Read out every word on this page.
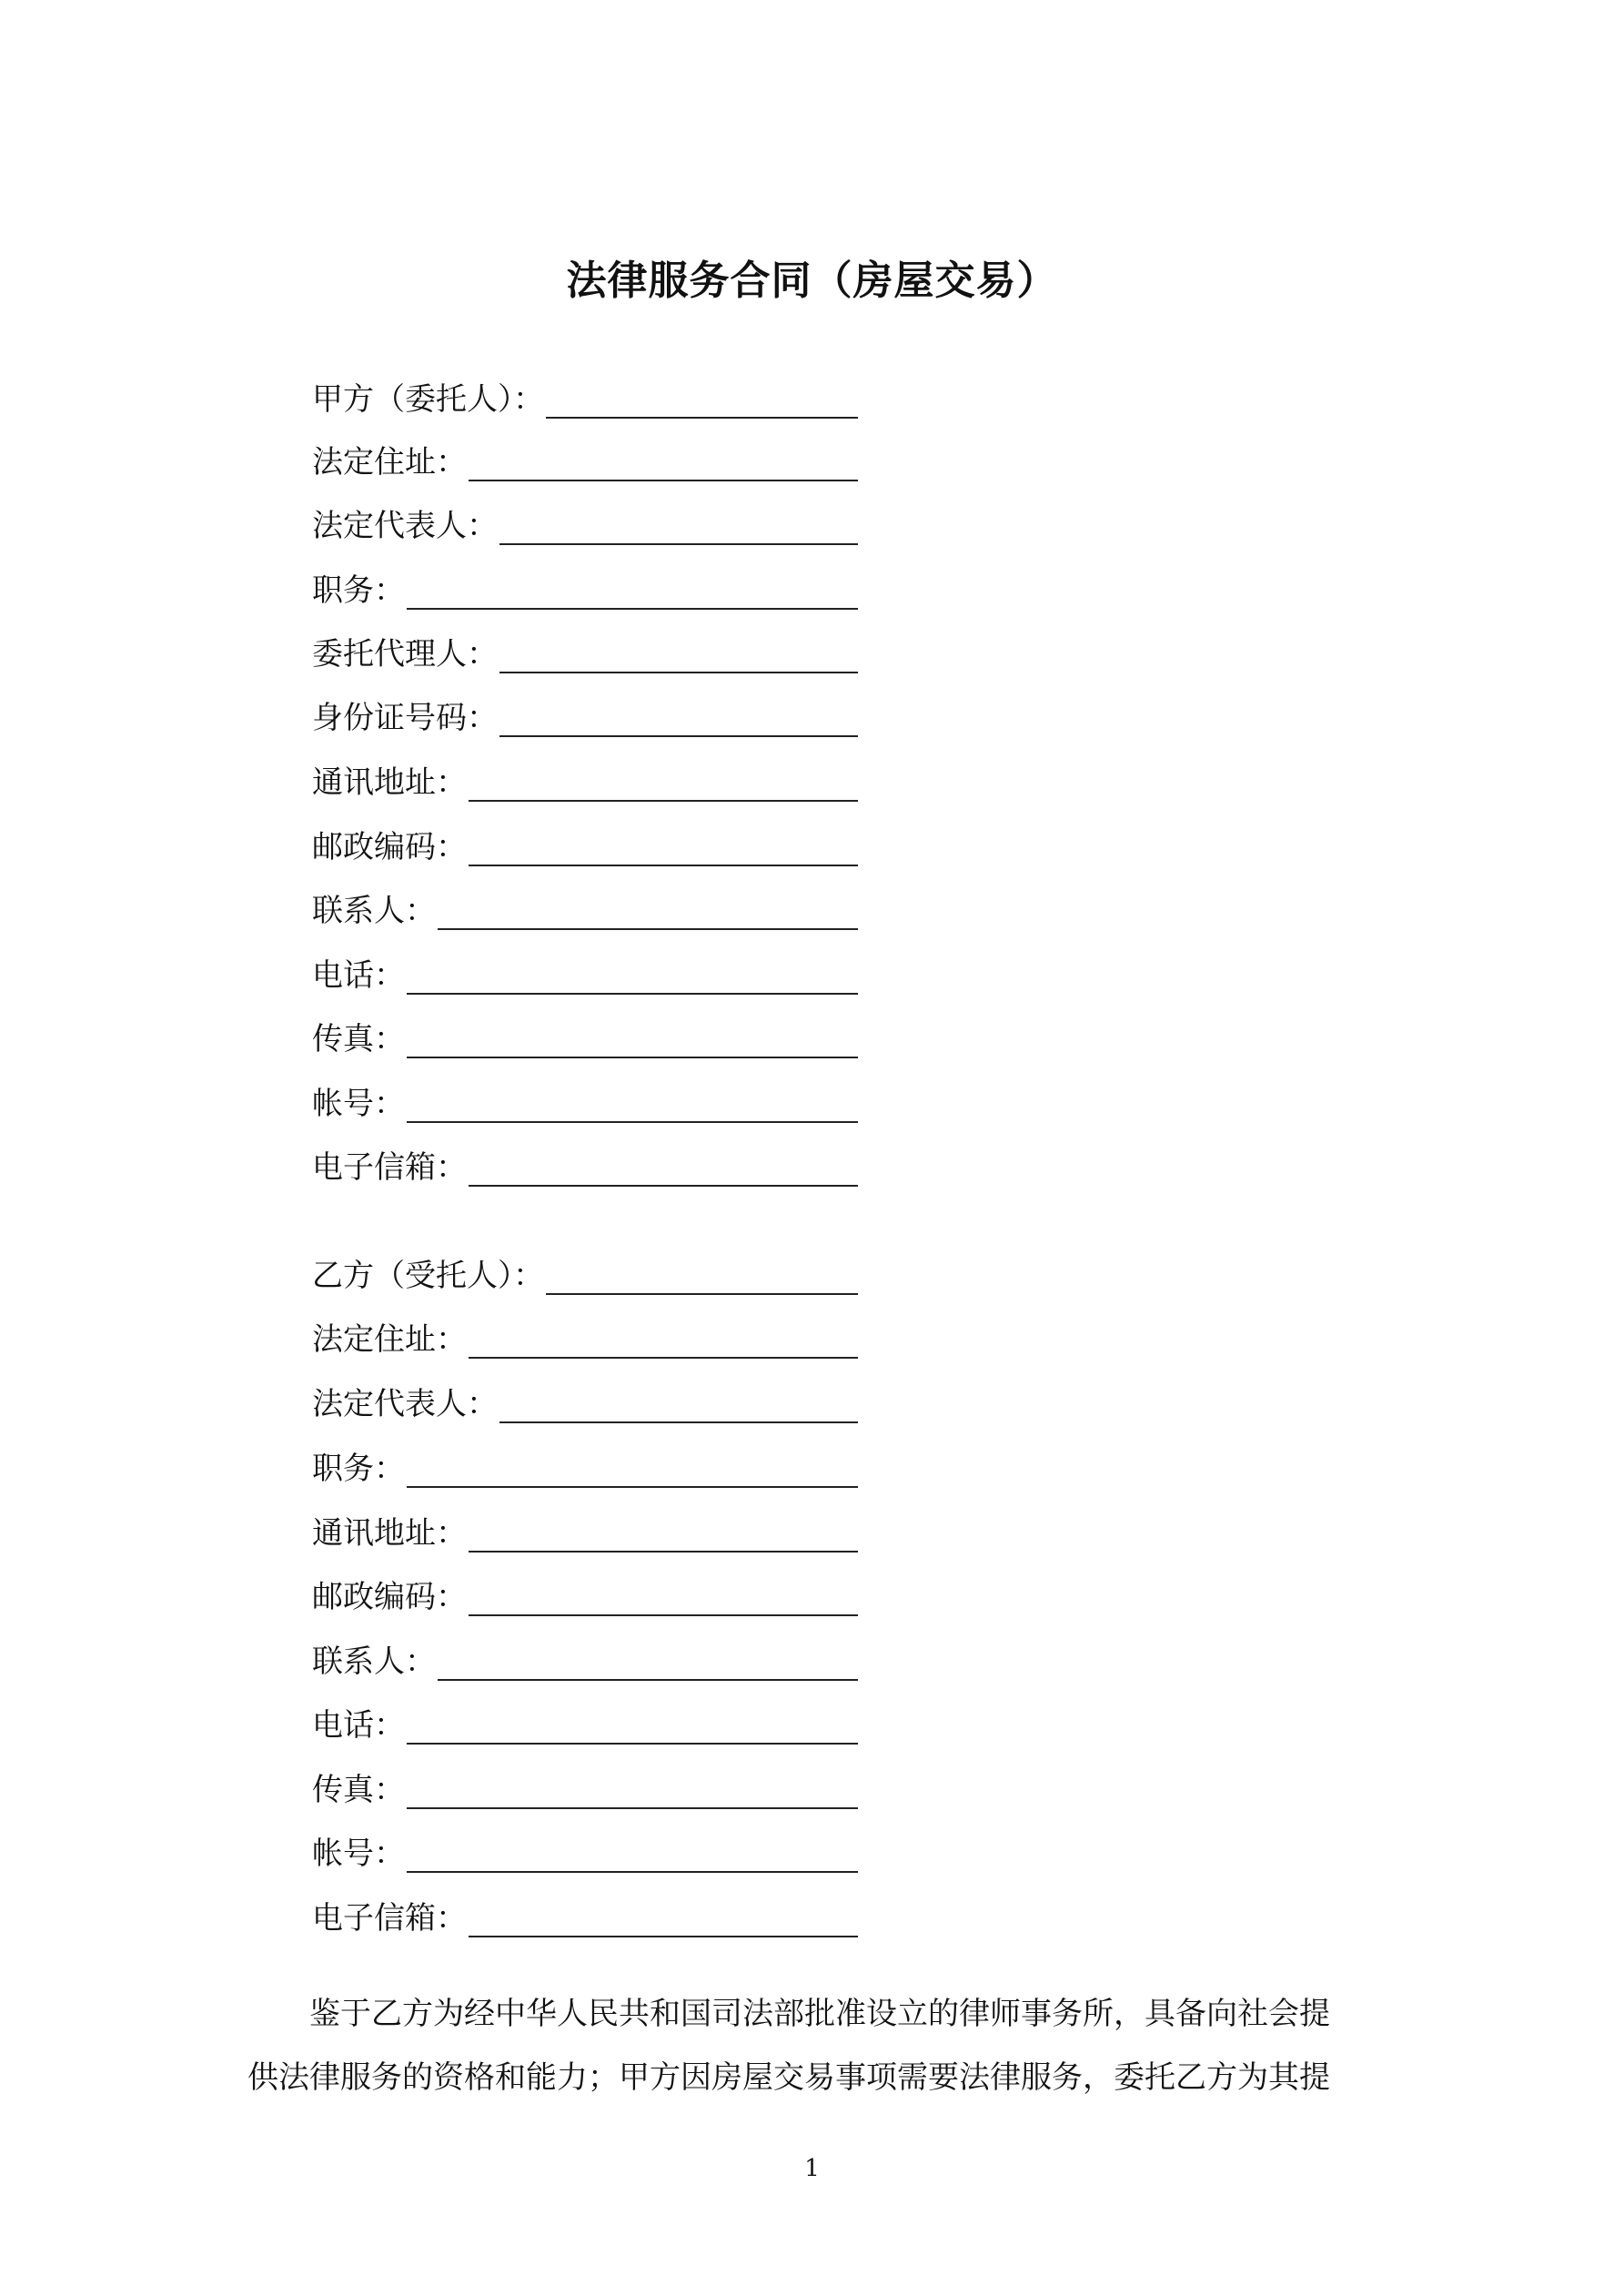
法律服务合同（房屋交易）
甲方（委托人）：
法定住址：
法定代表人：
职务：
委托代理人：
身份证号码：
通讯地址：
邮政编码：
联系人：
电话：
传真：
帐号：
电子信箱：
乙方（受托人）：
法定住址：
法定代表人：
职务：
通讯地址：
邮政编码：
联系人：
电话：
传真：
帐号：
电子信箱：
　　鉴于乙方为经中华人民共和国司法部批准设立的律师事务所，具备向社会提
供法律服务的资格和能力；甲方因房屋交易事项需要法律服务，委托乙方为其提
1
